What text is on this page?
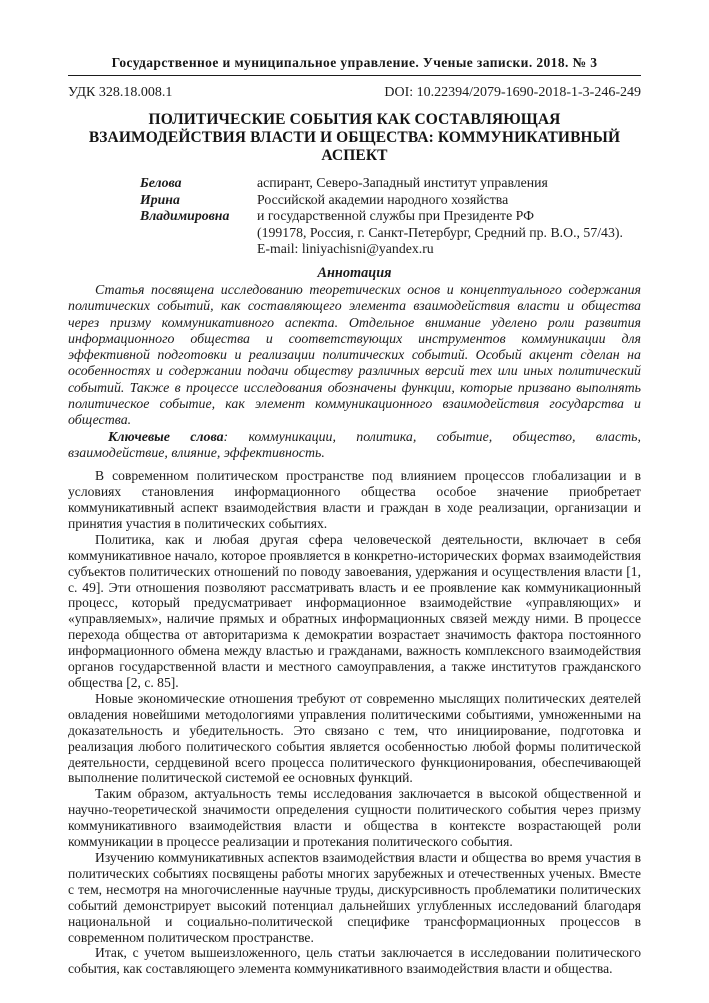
Государственное и муниципальное управление. Ученые записки. 2018. № 3
УДК 328.18.008.1	DOI: 10.22394/2079-1690-2018-1-3-246-249
ПОЛИТИЧЕСКИЕ СОБЫТИЯ КАК СОСТАВЛЯЮЩАЯ
ВЗАИМОДЕЙСТВИЯ ВЛАСТИ И ОБЩЕСТВА: КОММУНИКАТИВНЫЙ АСПЕКТ
Белова
Ирина
Владимировна
аспирант, Северо-Западный институт управления
Российской академии народного хозяйства
и государственной службы при Президенте РФ
(199178, Россия, г. Санкт-Петербург, Средний пр. В.О., 57/43).
E-mail: liniyachisni@yandex.ru
Аннотация

Статья посвящена исследованию теоретических основ и концептуального содержания политических событий, как составляющего элемента взаимодействия власти и общества через призму коммуникативного аспекта. Отдельное внимание уделено роли развития информационного общества и соответствующих инструментов коммуникации для эффективной подготовки и реализации политических событий. Особый акцент сделан на особенностях и содержании подачи обществу различных версий тех или иных политический событий. Также в процессе исследования обозначены функции, которые призвано выполнять политическое событие, как элемент коммуникационного взаимодействия государства и общества.

Ключевые слова: коммуникации, политика, событие, общество, власть, взаимодействие, влияние, эффективность.

В современном политическом пространстве под влиянием процессов глобализации и в условиях становления информационного общества особое значение приобретает коммуникативный аспект взаимодействия власти и граждан в ходе реализации, организации и принятия участия в политических событиях.

Политика, как и любая другая сфера человеческой деятельности, включает в себя коммуникативное начало, которое проявляется в конкретно-исторических формах взаимодействия субъектов политических отношений по поводу завоевания, удержания и осуществления власти [1, с. 49]. Эти отношения позволяют рассматривать власть и ее проявление как коммуникационный процесс, который предусматривает информационное взаимодействие «управляющих» и «управляемых», наличие прямых и обратных информационных связей между ними. В процессе перехода общества от авторитаризма к демократии возрастает значимость фактора постоянного информационного обмена между властью и гражданами, важность комплексного взаимодействия органов государственной власти и местного самоуправления, а также институтов гражданского общества [2, с. 85].

Новые экономические отношения требуют от современно мыслящих политических деятелей овладения новейшими методологиями управления политическими событиями, умноженными на доказательность и убедительность. Это связано с тем, что инициирование, подготовка и реализация любого политического события является особенностью любой формы политической деятельности, сердцевиной всего процесса политического функционирования, обеспечивающей выполнение политической системой ее основных функций.

Таким образом, актуальность темы исследования заключается в высокой общественной и научно-теоретической значимости определения сущности политического события через призму коммуникативного взаимодействия власти и общества в контексте возрастающей роли коммуникации в процессе реализации и протекания политического события.

Изучению коммуникативных аспектов взаимодействия власти и общества во время участия в политических событиях посвящены работы многих зарубежных и отечественных ученых. Вместе с тем, несмотря на многочисленные научные труды, дискурсивность проблематики политических событий демонстрирует высокий потенциал дальнейших углубленных исследований благодаря национальной и социально-политической специфике трансформационных процессов в современном политическом пространстве.

Итак, с учетом вышеизложенного, цель статьи заключается в исследовании политического события, как составляющего элемента коммуникативного взаимодействия власти и общества.
